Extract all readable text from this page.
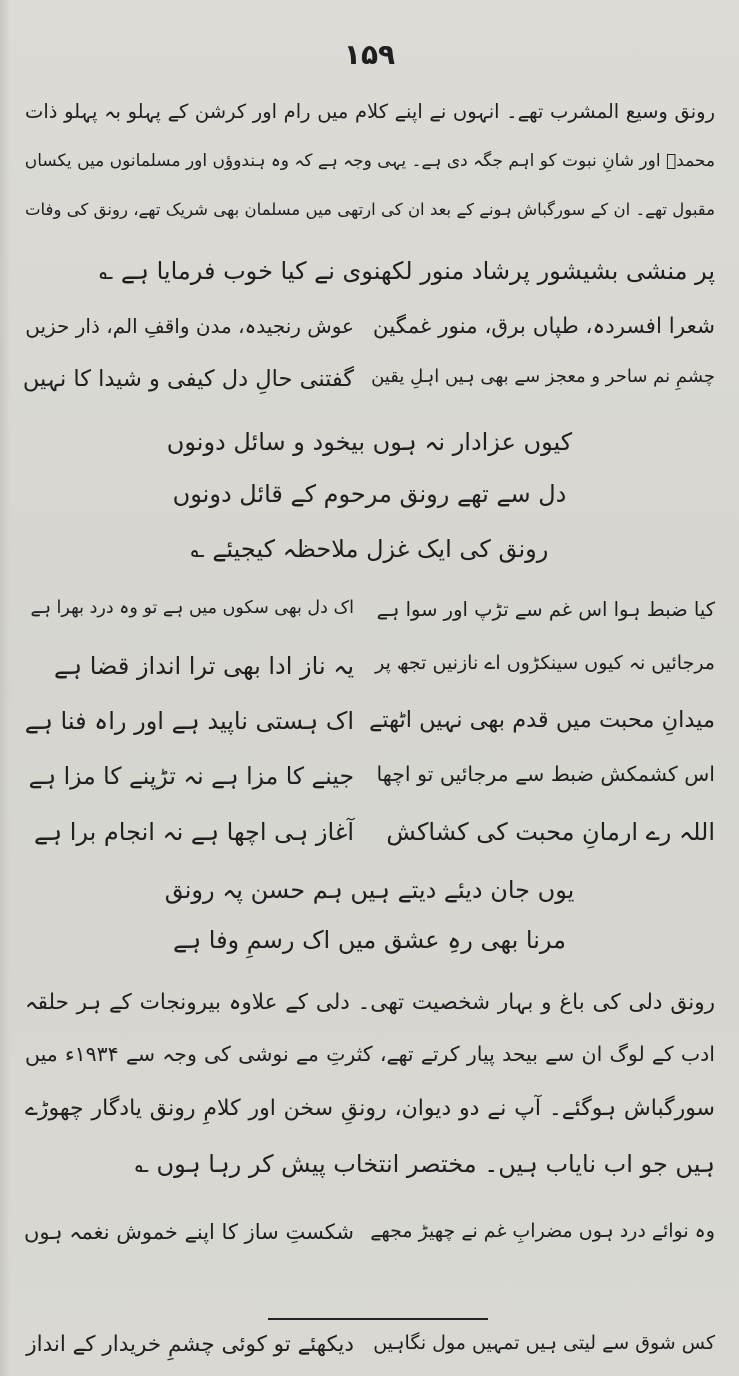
۱۵۹
رونق وسیع المشرب تھے۔ انہوں نے اپنے کلام میں رام اور کرشن کے پہلو بہ پہلو ذات
محمدؐ اور شانِ نبوت کو اہم جگہ دی ہے۔ یہی وجہ ہے کہ وہ ہندوؤں اور مسلمانوں میں یکساں
مقبول تھے۔ ان کے سورگباش ہونے کے بعد ان کی ارتھی میں مسلمان بھی شریک تھے، رونق کی وفات
پر منشی بشیشور پرشاد منور لکھنوی نے کیا خوب فرمایا ہے ؎
شعرا افسردہ، طپاں برق، منور غمگین
عوش رنجیدہ، مدن واقفِ الم، ذار حزیں
چشمِ نم ساحر و معجز سے بھی ہیں اہلِ یقین
گفتنی حالِ دل کیفی و شیدا کا نہیں
کیوں عزادار نہ ہوں بیخود و سائل دونوں
دل سے تھے رونق مرحوم کے قائل دونوں
رونق کی ایک غزل ملاحظہ کیجیئے ؎
کیا ضبط ہوا اس غم سے تڑپ اور سوا ہے
اک دل بھی سکوں میں ہے تو وہ درد بھرا ہے
مرجائیں نہ کیوں سینکڑوں اے نازنیں تجھ پر
یہ ناز ادا بھی ترا انداز قضا ہے
میدانِ محبت میں قدم بھی نہیں اٹھتے
اک ہستی ناپید ہے اور راہ فنا ہے
اس کشمکش ضبط سے مرجائیں تو اچھا
جینے کا مزا ہے نہ تڑپنے کا مزا ہے
اللہ رے ارمانِ محبت کی کشاکش
آغاز ہی اچھا ہے نہ انجام برا ہے
یوں جان دیئے دیتے ہیں ہم حسن پہ رونق
مرنا بھی رہِ عشق میں اک رسمِ وفا ہے
رونق دلی کی باغ و بہار شخصیت تھی۔ دلی کے علاوہ بیرونجات کے ہر حلقہ
ادب کے لوگ ان سے بیحد پیار کرتے تھے، کثرتِ مے نوشی کی وجہ سے ۱۹۳۴ء میں
سورگباش ہوگئے۔ آپ نے دو دیوان، رونقِ سخن اور کلامِ رونق یادگار چھوڑے
ہیں جو اب نایاب ہیں۔ مختصر انتخاب پیش کر رہا ہوں ؎
وہ نوائے درد ہوں مضرابِ غم نے چھیڑ مجھے
شکستِ ساز کا اپنے خموش نغمہ ہوں
کس شوق سے لیتی ہیں تمہیں مول نگاہیں
دیکھئے تو کوئی چشمِ خریدار کے انداز
